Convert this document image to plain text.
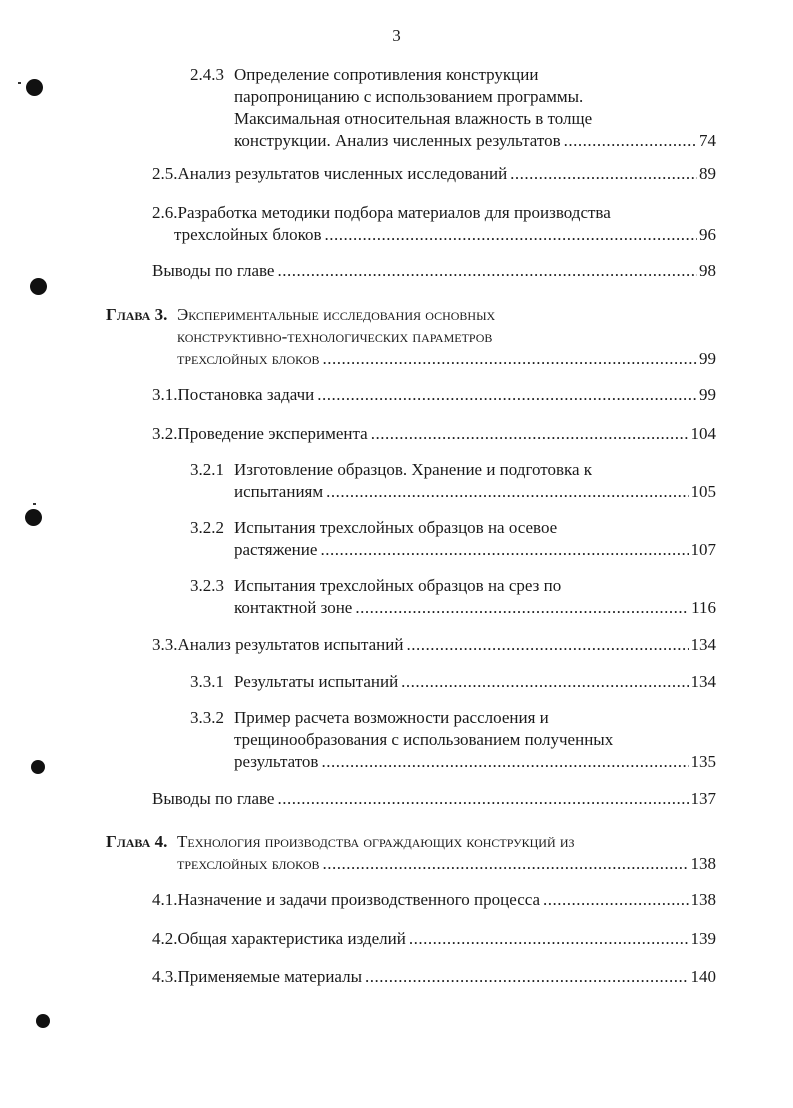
3
2.4.3 Определение сопротивления конструкции
паропроницанию с использованием программы.
Максимальная относительная влажность в толще
конструкции. Анализ численных результатов .....	74
2.5.Анализ результатов численных исследований .....	89
2.6.Разработка методики подбора материалов для производства
трехслойных блоков .....	96
Выводы по главе .....	98
Глава 3. Экспериментальные исследования основных
конструктивно-технологических параметров
трехслойных блоков .....	99
3.1.Постановка задачи .....	99
3.2.Проведение эксперимента .....	104
3.2.1 Изготовление образцов. Хранение и подготовка к
испытаниям .....	105
3.2.2 Испытания трехслойных образцов на осевое
растяжение .....	107
3.2.3 Испытания трехслойных образцов на срез по
контактной зоне .....	116
3.3.Анализ результатов испытаний .....	134
3.3.1 Результаты испытаний .....	134
3.3.2 Пример расчета возможности расслоения и
трещинообразования с использованием полученных
результатов .....	135
Выводы по главе .....	137
Глава 4. Технология производства ограждающих конструкций из
трехслойных блоков .....	138
4.1.Назначение и задачи производственного процесса .....	138
4.2.Общая характеристика изделий .....	139
4.3.Применяемые материалы .....	140
